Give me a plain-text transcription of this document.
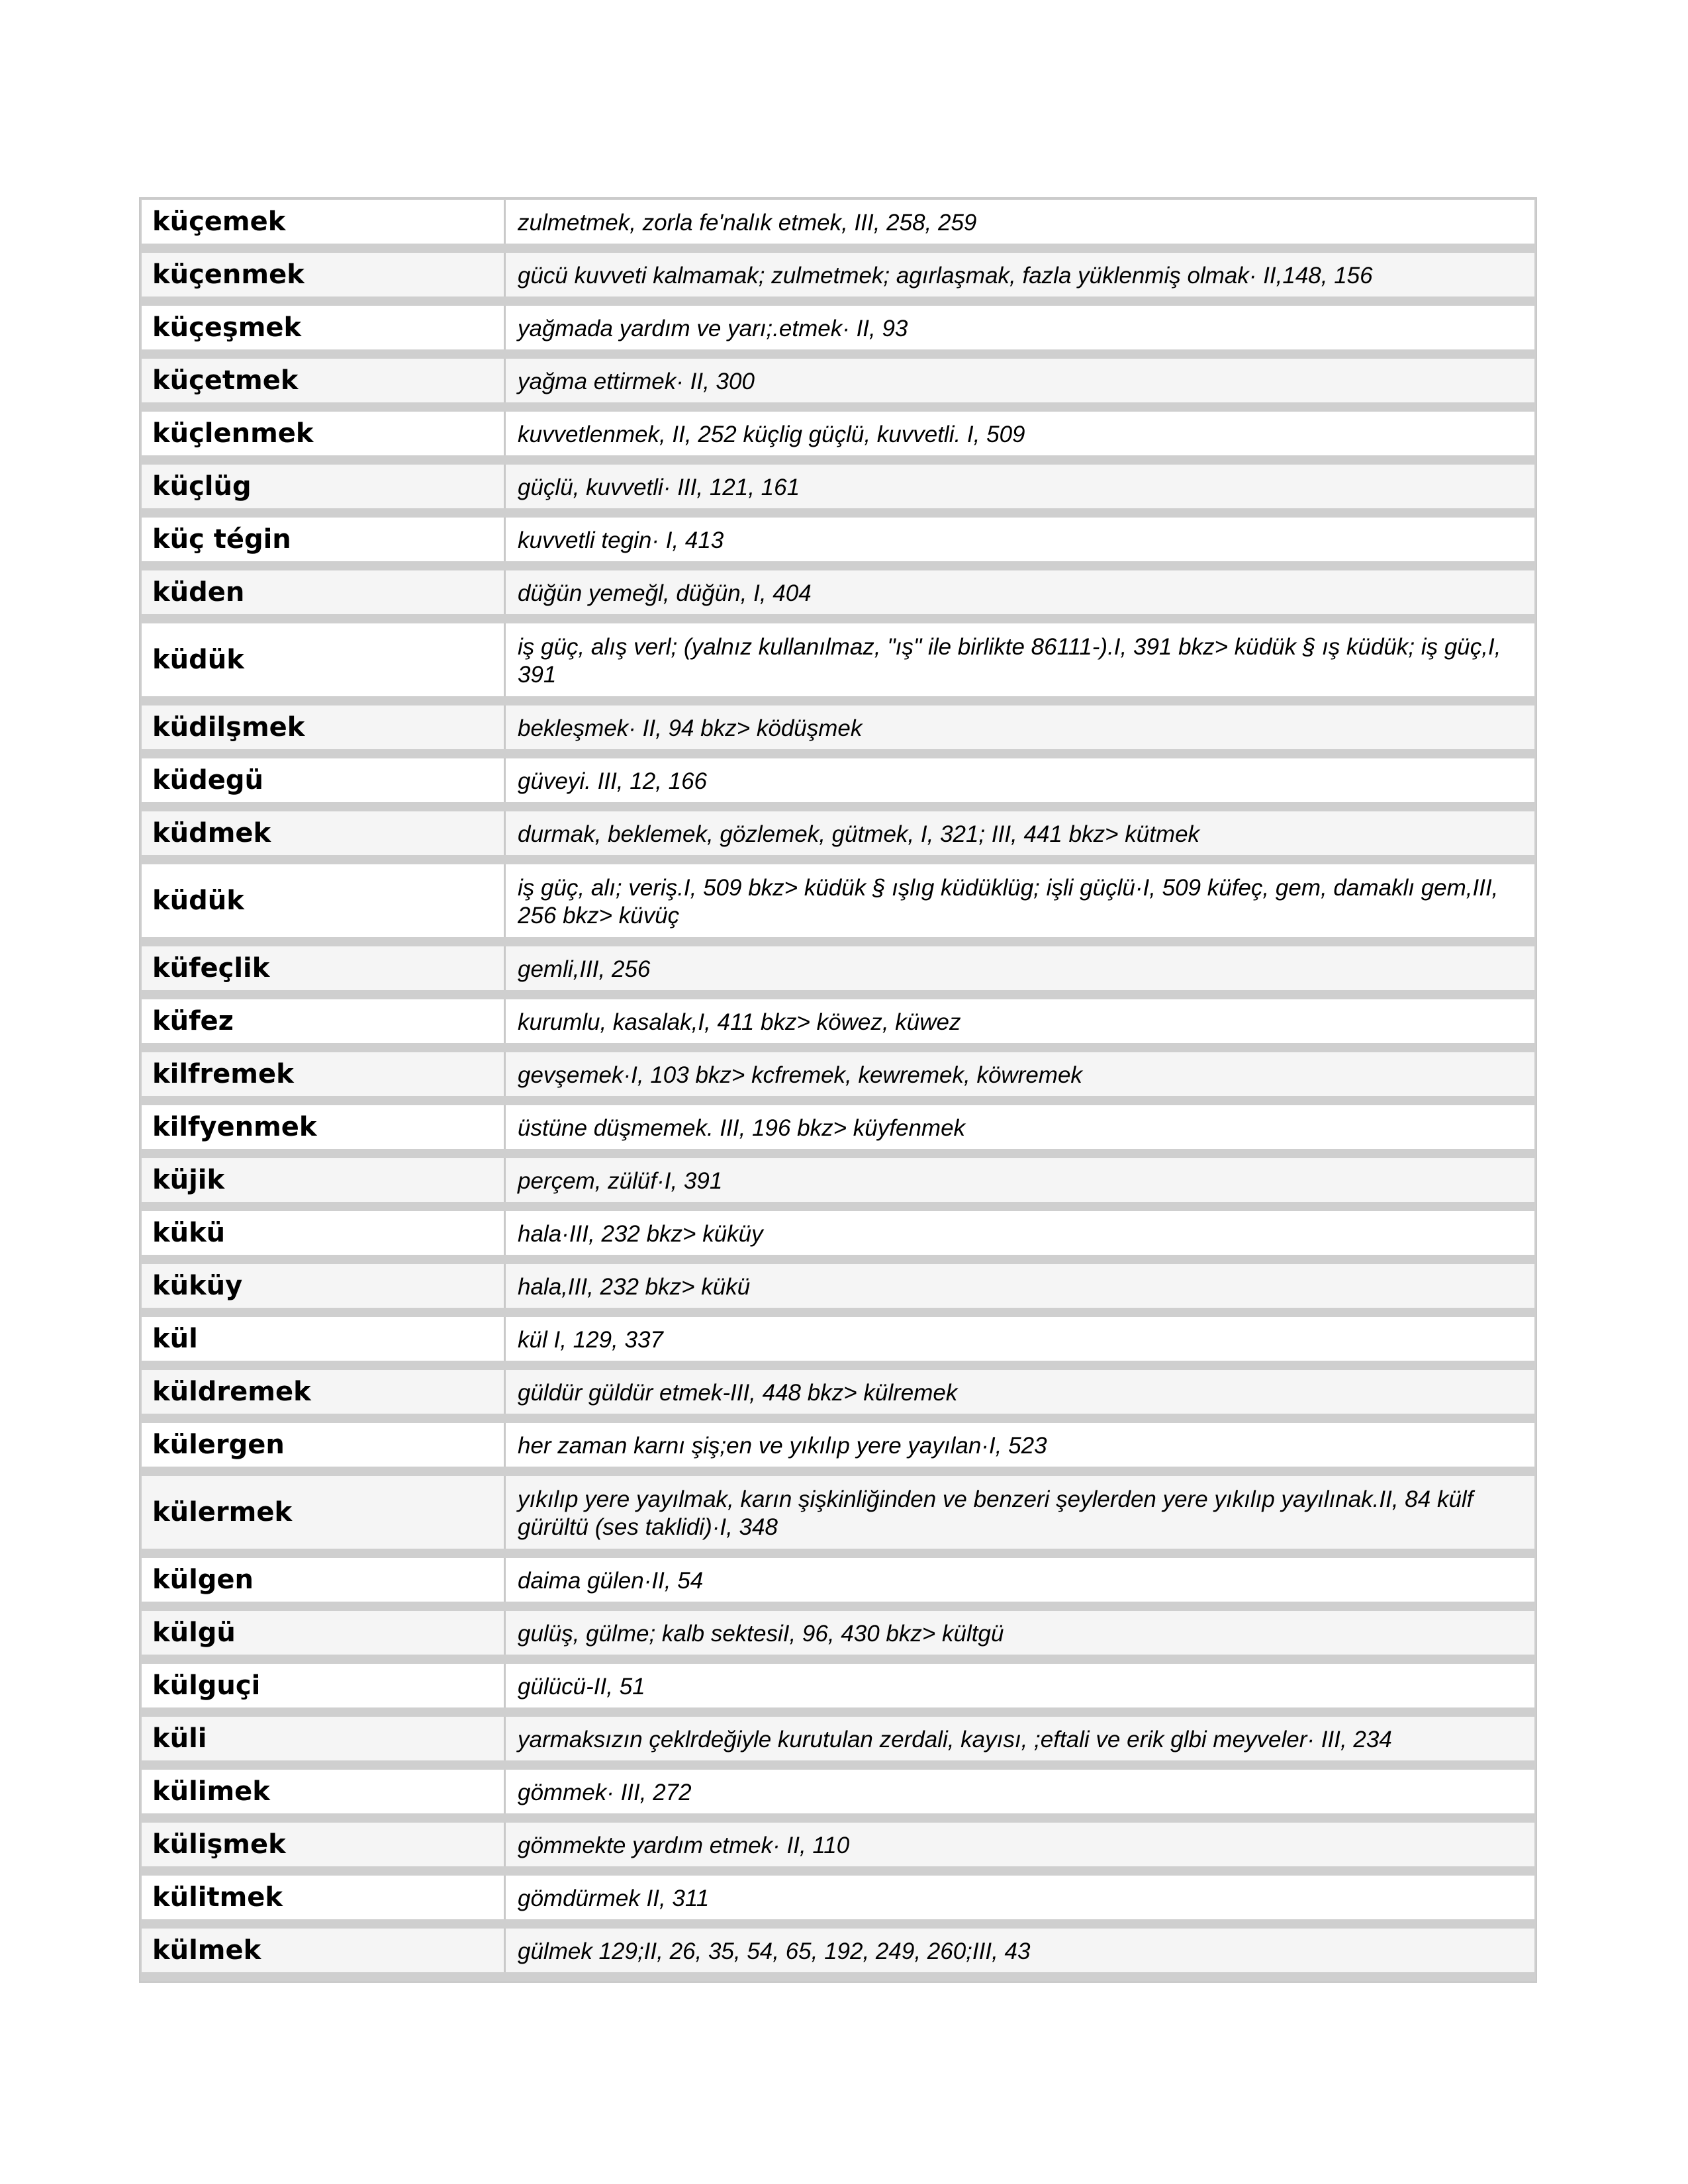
küçemek	zulmetmek, zorla fe'nalık etmek, III, 258, 259
küçenmek	gücü kuvveti kalmamak; zulmetmek; agırlaşmak, fazla yüklenmiş olmak· II,148, 156
küçeşmek	yağmada yardım ve yarı;.etmek· II, 93
küçetmek	yağma ettirmek· II, 300
küçlenmek	kuvvetlenmek, II, 252 küçlig güçlü, kuvvetli. I, 509
küçlüg	güçlü, kuvvetli· III, 121, 161
küç tégin	kuvvetli tegin· I, 413
küden	düğün yemeğl, düğün, I, 404
küdük	iş güç, alış verl; (yalnız kullanılmaz, "ış" ile birlikte 86111-).I, 391 bkz> küdük § ış küdük; iş güç,I, 391
küdilşmek	bekleşmek· II, 94 bkz> ködüşmek
küdegü	güveyi. III, 12, 166
küdmek	durmak, beklemek, gözlemek, gütmek, I, 321; III, 441 bkz> kütmek
küdük	iş güç, alı; veriş.I, 509 bkz> küdük § ışlıg küdüklüg; işli güçlü·I, 509 küfeç, gem, damaklı gem,III, 256 bkz> küvüç
küfeçlik	gemli,III, 256
küfez	kurumlu, kasalak,I, 411 bkz> köwez, küwez
kilfremek	gevşemek·I, 103 bkz> kcfremek, kewremek, köwremek
kilfyenmek	üstüne düşmemek. III, 196 bkz> küyfenmek
küjik	perçem, zülüf·I, 391
kükü	hala·III, 232 bkz> küküy
küküy	hala,III, 232 bkz> kükü
kül	kül I, 129, 337
küldremek	güldür güldür etmek-III, 448 bkz> külremek
külergen	her zaman karnı şiş;en ve yıkılıp yere yayılan·I, 523
külermek	yıkılıp yere yayılmak, karın şişkinliğinden ve benzeri şeylerden yere yıkılıp yayılınak.II, 84 külf gürültü (ses taklidi)·I, 348
külgen	daima gülen·II, 54
külgü	gulüş, gülme; kalb sektesiI, 96, 430 bkz> kültgü
külguçi	gülücü-II, 51
küli	yarmaksızın çeklrdeğiyle kurutulan zerdali, kayısı, ;eftali ve erik glbi meyveler· III, 234
külimek	gömmek· III, 272
külişmek	gömmekte yardım etmek· II, 110
külitmek	gömdürmek II, 311
külmek	gülmek 129;II, 26, 35, 54, 65, 192, 249, 260;III, 43
